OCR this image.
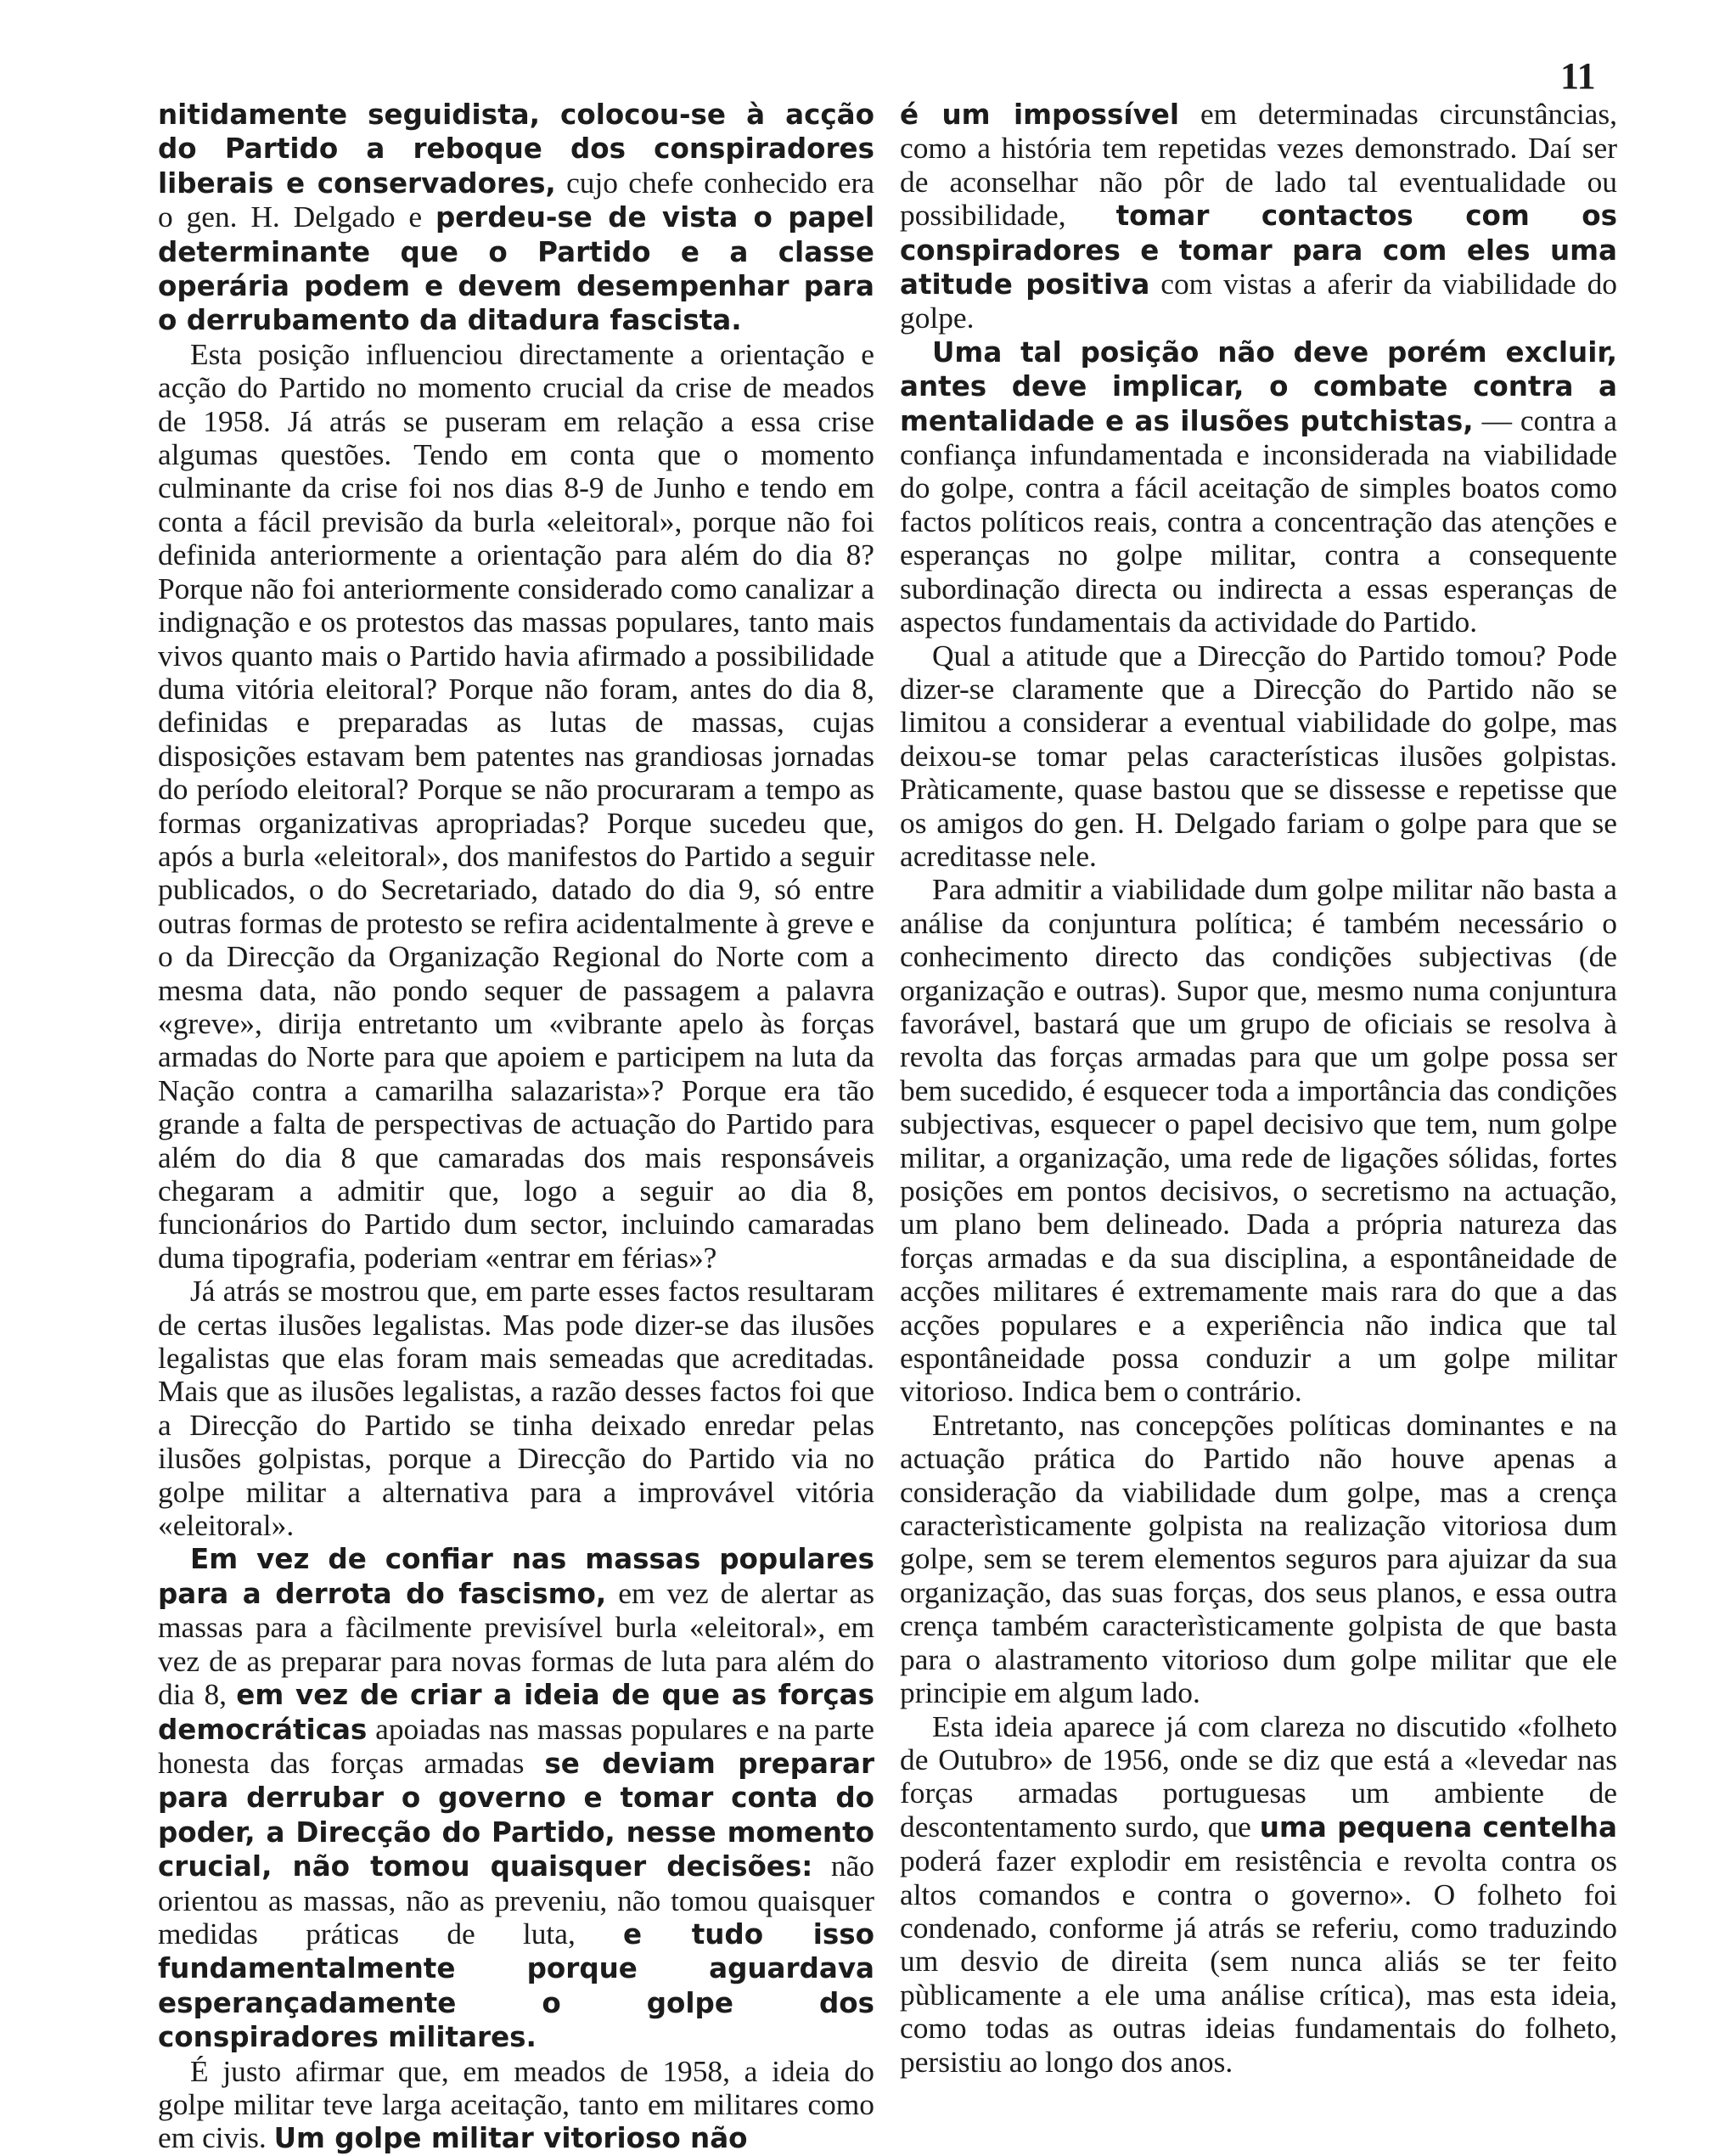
11

nitidamente seguidista, colocou-se à acção do Partido a reboque dos conspiradores liberais e conservadores, cujo chefe conhecido era o gen. H. Delgado e perdeu-se de vista o papel determinante que o Partido e a classe operária podem e devem desempenhar para o derrubamento da ditadura fascista.

Esta posição influenciou directamente a orientação e acção do Partido no momento crucial da crise de meados de 1958. Já atrás se puseram em relação a essa crise algumas questões. Tendo em conta que o momento culminante da crise foi nos dias 8-9 de Junho e tendo em conta a fácil previsão da burla «eleitoral», porque não foi definida anteriormente a orientação para além do dia 8? Porque não foi anteriormente considerado como canalizar a indignação e os protestos das massas populares, tanto mais vivos quanto mais o Partido havia afirmado a possibilidade duma vitória eleitoral? Porque não foram, antes do dia 8, definidas e preparadas as lutas de massas, cujas disposições estavam bem patentes nas grandiosas jornadas do período eleitoral? Porque se não procuraram a tempo as formas organizativas apropriadas? Porque sucedeu que, após a burla «eleitoral», dos manifestos do Partido a seguir publicados, o do Secretariado, datado do dia 9, só entre outras formas de protesto se refira acidentalmente à greve e o da Direcção da Organização Regional do Norte com a mesma data, não pondo sequer de passagem a palavra «greve», dirija entretanto um «vibrante apelo às forças armadas do Norte para que apoiem e participem na luta da Nação contra a camarilha salazarista»? Porque era tão grande a falta de perspectivas de actuação do Partido para além do dia 8 que camaradas dos mais responsáveis chegaram a admitir que, logo a seguir ao dia 8, funcionários do Partido dum sector, incluindo camaradas duma tipografia, poderiam «entrar em férias»?

Já atrás se mostrou que, em parte esses factos resultaram de certas ilusões legalistas. Mas pode dizer-se das ilusões legalistas que elas foram mais semeadas que acreditadas. Mais que as ilusões legalistas, a razão desses factos foi que a Direcção do Partido se tinha deixado enredar pelas ilusões golpistas, porque a Direcção do Partido via no golpe militar a alternativa para a improvável vitória «eleitoral».

Em vez de confiar nas massas populares para a derrota do fascismo, em vez de alertar as massas para a fàcilmente previsível burla «eleitoral», em vez de as preparar para novas formas de luta para além do dia 8, em vez de criar a ideia de que as forças democráticas apoiadas nas massas populares e na parte honesta das forças armadas se deviam preparar para derrubar o governo e tomar conta do poder, a Direcção do Partido, nesse momento crucial, não tomou quaisquer decisões: não orientou as massas, não as preveniu, não tomou quaisquer medidas práticas de luta, e tudo isso fundamentalmente porque aguardava esperançadamente o golpe dos conspiradores militares.

É justo afirmar que, em meados de 1958, a ideia do golpe militar teve larga aceitação, tanto em militares como em civis. Um golpe militar vitorioso não

é um impossível em determinadas circunstâncias, como a história tem repetidas vezes demonstrado. Daí ser de aconselhar não pôr de lado tal eventualidade ou possibilidade, tomar contactos com os conspiradores e tomar para com eles uma atitude positiva com vistas a aferir da viabilidade do golpe.

Uma tal posição não deve porém excluir, antes deve implicar, o combate contra a mentalidade e as ilusões putchistas, — contra a confiança infundamentada e inconsiderada na viabilidade do golpe, contra a fácil aceitação de simples boatos como factos políticos reais, contra a concentração das atenções e esperanças no golpe militar, contra a consequente subordinação directa ou indirecta a essas esperanças de aspectos fundamentais da actividade do Partido.

Qual a atitude que a Direcção do Partido tomou? Pode dizer-se claramente que a Direcção do Partido não se limitou a considerar a eventual viabilidade do golpe, mas deixou-se tomar pelas características ilusões golpistas. Pràticamente, quase bastou que se dissesse e repetisse que os amigos do gen. H. Delgado fariam o golpe para que se acreditasse nele.

Para admitir a viabilidade dum golpe militar não basta a análise da conjuntura política; é também necessário o conhecimento directo das condições subjectivas (de organização e outras). Supor que, mesmo numa conjuntura favorável, bastará que um grupo de oficiais se resolva à revolta das forças armadas para que um golpe possa ser bem sucedido, é esquecer toda a importância das condições subjectivas, esquecer o papel decisivo que tem, num golpe militar, a organização, uma rede de ligações sólidas, fortes posições em pontos decisivos, o secretismo na actuação, um plano bem delineado. Dada a própria natureza das forças armadas e da sua disciplina, a espontâneidade de acções militares é extremamente mais rara do que a das acções populares e a experiência não indica que tal espontâneidade possa conduzir a um golpe militar vitorioso. Indica bem o contrário.

Entretanto, nas concepções políticas dominantes e na actuação prática do Partido não houve apenas a consideração da viabilidade dum golpe, mas a crença caracterìsticamente golpista na realização vitoriosa dum golpe, sem se terem elementos seguros para ajuizar da sua organização, das suas forças, dos seus planos, e essa outra crença também caracterìsticamente golpista de que basta para o alastramento vitorioso dum golpe militar que ele principie em algum lado.

Esta ideia aparece já com clareza no discutido «folheto de Outubro» de 1956, onde se diz que está a «levedar nas forças armadas portuguesas um ambiente de descontentamento surdo, que uma pequena centelha poderá fazer explodir em resistência e revolta contra os altos comandos e contra o governo». O folheto foi condenado, conforme já atrás se referiu, como traduzindo um desvio de direita (sem nunca aliás se ter feito pùblicamente a ele uma análise crítica), mas esta ideia, como todas as outras ideias fundamentais do folheto, persistiu ao longo dos anos.
